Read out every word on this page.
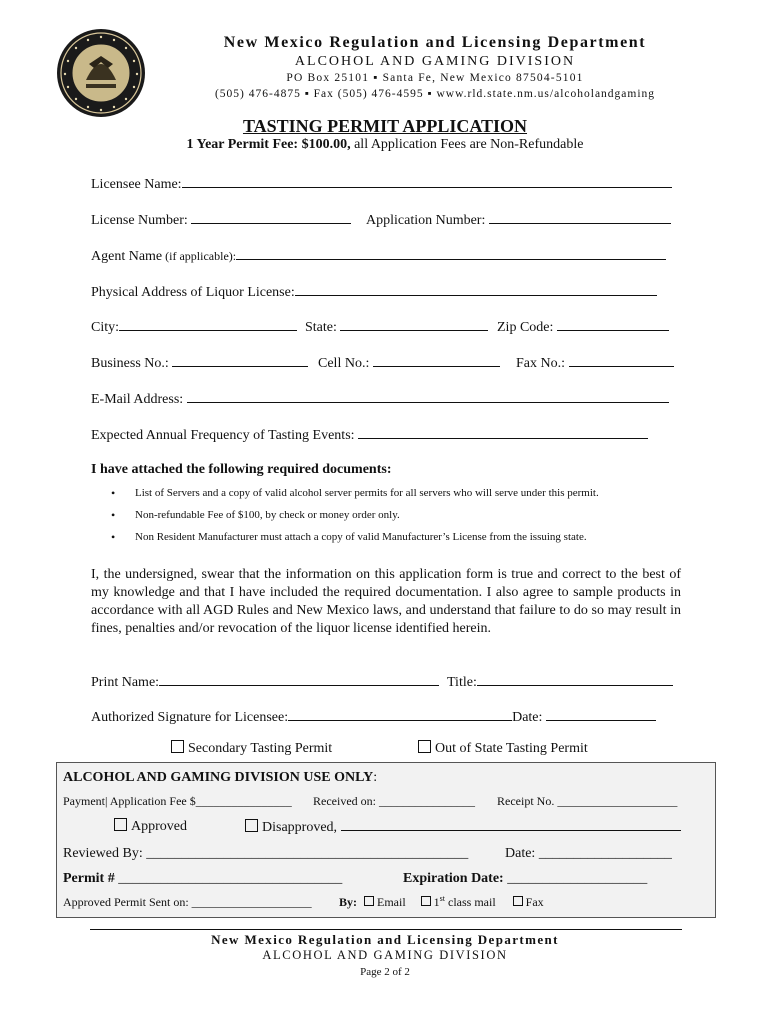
New Mexico Regulation and Licensing Department
ALCOHOL AND GAMING DIVISION
PO Box 25101 ▪ Santa Fe, New Mexico 87504-5101
(505) 476-4875 ▪ Fax (505) 476-4595 ▪ www.rld.state.nm.us/alcoholandgaming
TASTING PERMIT APPLICATION
1 Year Permit Fee: $100.00, all Application Fees are Non-Refundable
Licensee Name:
License Number:	Application Number:
Agent Name (if applicable):
Physical Address of Liquor License:
City:	State:	Zip Code:
Business No.:	Cell No.:	Fax No.:
E-Mail Address:
Expected Annual Frequency of Tasting Events:
I have attached the following required documents:
• List of Servers and a copy of valid alcohol server permits for all servers who will serve under this permit.
• Non-refundable Fee of $100, by check or money order only.
• Non Resident Manufacturer must attach a copy of valid Manufacturer’s License from the issuing state.
I, the undersigned, swear that the information on this application form is true and correct to the best of my knowledge and that I have included the required documentation. I also agree to sample products in accordance with all AGD Rules and New Mexico laws, and understand that failure to do so may result in fines, penalties and/or revocation of the liquor license identified herein.
Print Name:	Title:
Authorized Signature for Licensee:	Date:
Secondary Tasting Permit	Out of State Tasting Permit
ALCOHOL AND GAMING DIVISION USE ONLY:
Payment| Application Fee $________________ Received on: ________________ Receipt No. ____________________
Approved	Disapproved,
Reviewed By: ______________________________________________	Date: ___________________
Permit # ________________________________	Expiration Date: ____________________
Approved Permit Sent on: ____________________ By: Email 1st class mail	Fax
New Mexico Regulation and Licensing Department
ALCOHOL AND GAMING DIVISION
Page 2 of 2
